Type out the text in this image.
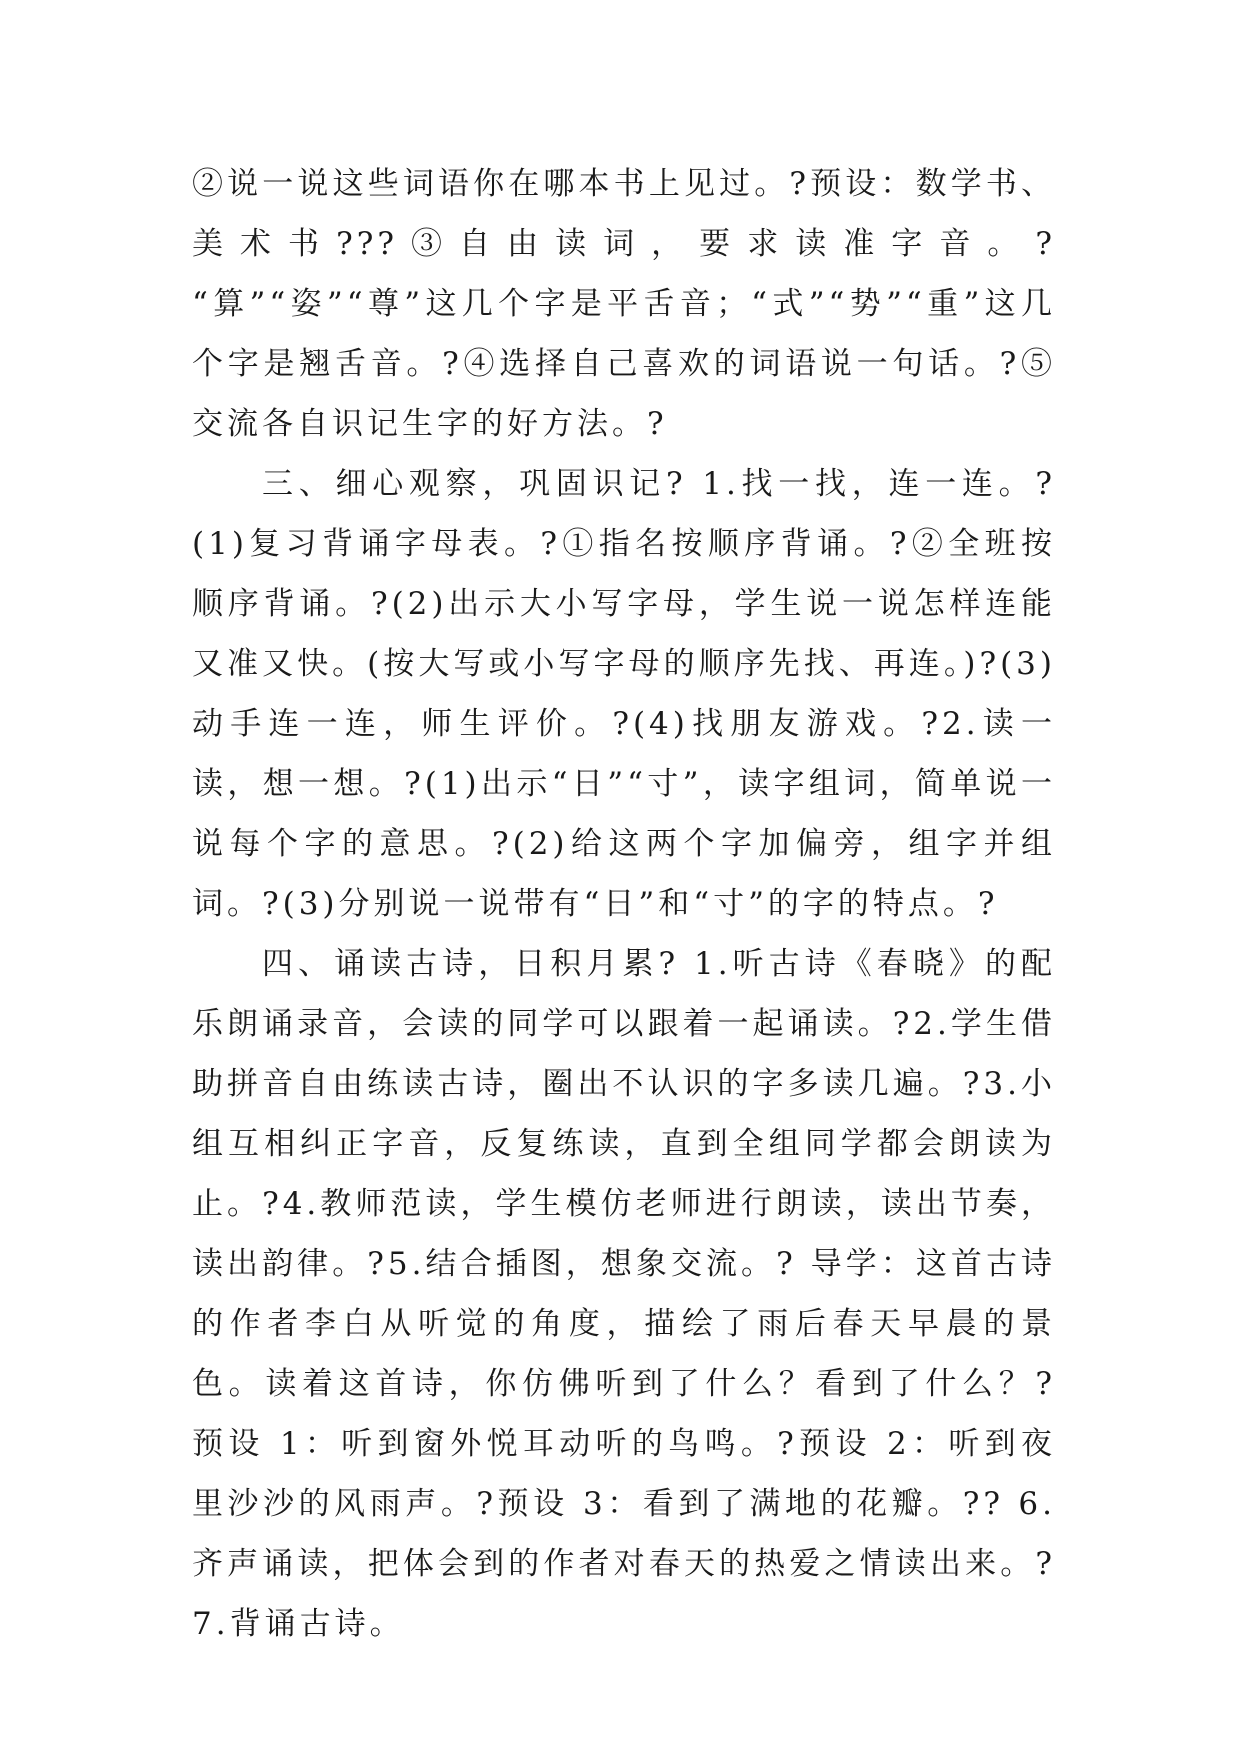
②说一说这些词语你在哪本书上见过。?预设：数学书、美术书???③自由读词，要求读准字音。? “算”“姿”“尊”这几个字是平舌音；“式”“势”“重”这几个字是翘舌音。?④选择自己喜欢的词语说一句话。?⑤交流各自识记生字的好方法。?

三、细心观察，巩固识记? 1.找一找，连一连。?(1)复习背诵字母表。?①指名按顺序背诵。?②全班按顺序背诵。?(2)出示大小写字母，学生说一说怎样连能又准又快。(按大写或小写字母的顺序先找、再连。)?(3)动手连一连，师生评价。?(4)找朋友游戏。?2.读一读，想一想。?(1)出示“日”“寸”，读字组词，简单说一说每个字的意思。?(2)给这两个字加偏旁，组字并组词。?(3)分别说一说带有“日”和“寸”的字的特点。?

四、诵读古诗，日积月累? 1.听古诗《春晓》的配乐朗诵录音，会读的同学可以跟着一起诵读。?2.学生借助拼音自由练读古诗，圈出不认识的字多读几遍。?3.小组互相纠正字音，反复练读，直到全组同学都会朗读为止。?4.教师范读，学生模仿老师进行朗读，读出节奏，读出韵律。?5.结合插图，想象交流。? 导学：这首古诗的作者李白从听觉的角度，描绘了雨后春天早晨的景色。读着这首诗，你仿佛听到了什么？看到了什么？? 预设 1：听到窗外悦耳动听的鸟鸣。?预设 2：听到夜里沙沙的风雨声。?预设 3：看到了满地的花瓣。?? 6.齐声诵读，把体会到的作者对春天的热爱之情读出来。?7.背诵古诗。
